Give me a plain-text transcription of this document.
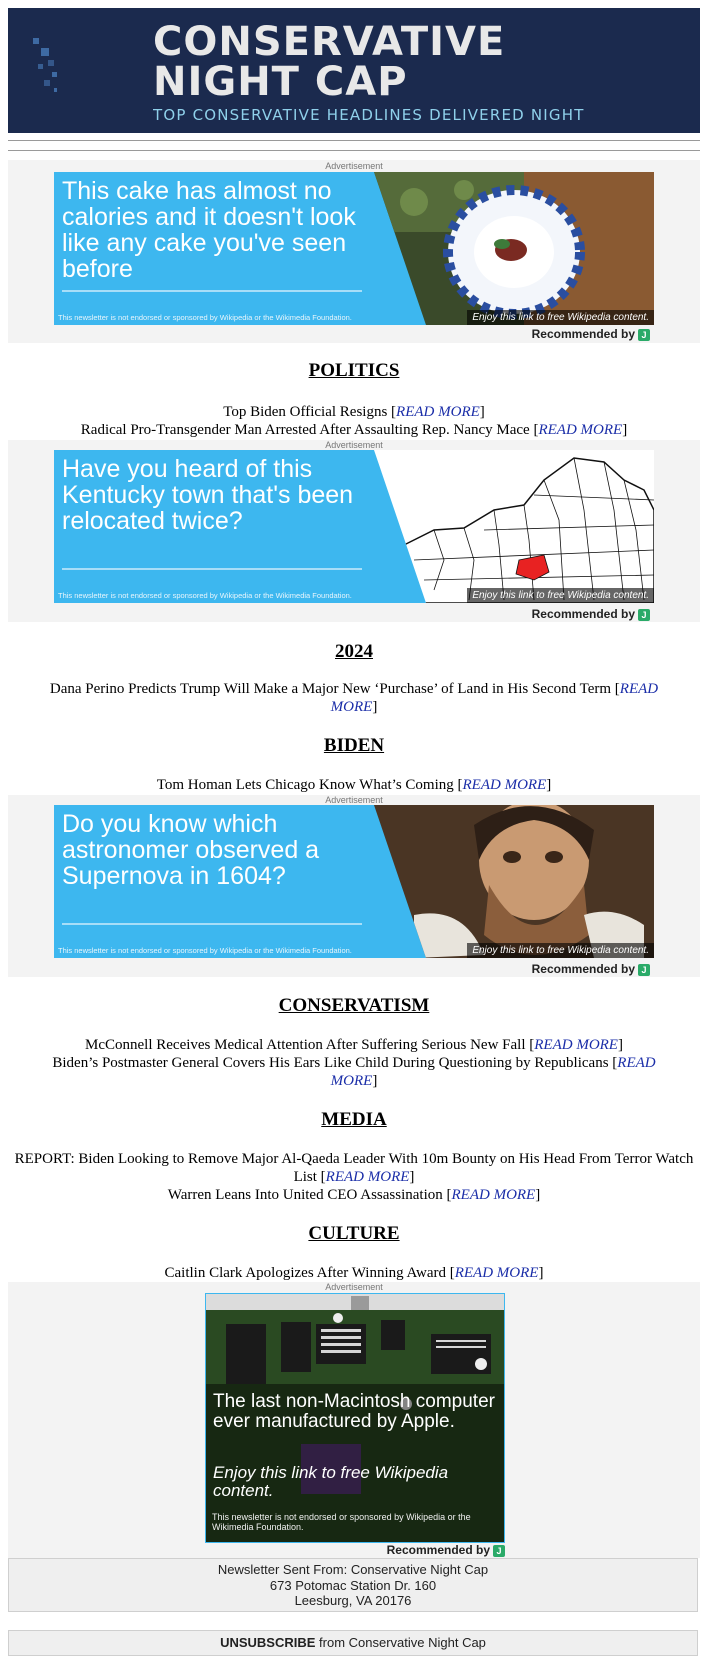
CONSERVATIVE
NIGHT CAP
TOP CONSERVATIVE HEADLINES DELIVERED NIGHT
Advertisement
This cake has almost no calories and it doesn't look like any cake you've seen before
This newsletter is not endorsed or sponsored by Wikipedia or the Wikimedia Foundation.	Enjoy this link to free Wikipedia content.
Recommended by J
POLITICS
Top Biden Official Resigns [READ MORE]
Radical Pro-Transgender Man Arrested After Assaulting Rep. Nancy Mace [READ MORE]
Advertisement
Have you heard of this Kentucky town that's been relocated twice?
This newsletter is not endorsed or sponsored by Wikipedia or the Wikimedia Foundation.	Enjoy this link to free Wikipedia content.
Recommended by J
2024
Dana Perino Predicts Trump Will Make a Major New ‘Purchase’ of Land in His Second Term [READ MORE]
BIDEN
Tom Homan Lets Chicago Know What’s Coming [READ MORE]
Advertisement
Do you know which astronomer observed a Supernova in 1604?
This newsletter is not endorsed or sponsored by Wikipedia or the Wikimedia Foundation.	Enjoy this link to free Wikipedia content.
Recommended by J
CONSERVATISM
McConnell Receives Medical Attention After Suffering Serious New Fall [READ MORE]
Biden’s Postmaster General Covers His Ears Like Child During Questioning by Republicans [READ MORE]
MEDIA
REPORT: Biden Looking to Remove Major Al-Qaeda Leader With 10m Bounty on His Head From Terror Watch List [READ MORE]
Warren Leans Into United CEO Assassination [READ MORE]
CULTURE
Caitlin Clark Apologizes After Winning Award [READ MORE]
Advertisement
The last non-Macintosh computer ever manufactured by Apple.
Enjoy this link to free Wikipedia content.
This newsletter is not endorsed or sponsored by Wikipedia or the Wikimedia Foundation.
Recommended by J
Newsletter Sent From: Conservative Night Cap
673 Potomac Station Dr. 160
Leesburg, VA 20176
UNSUBSCRIBE from Conservative Night Cap
